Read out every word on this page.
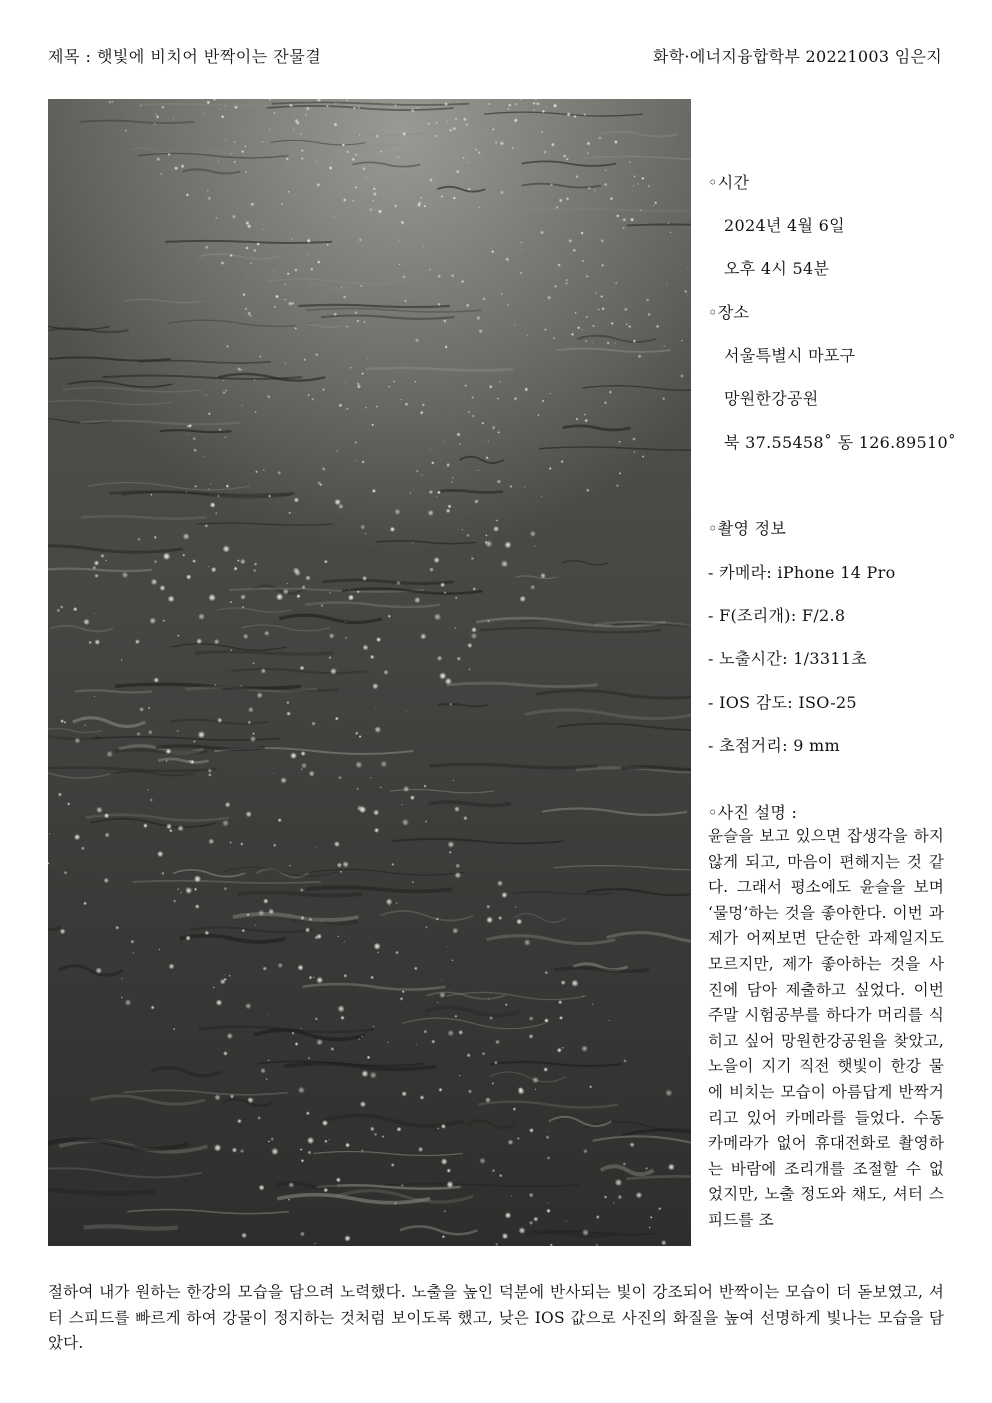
제목 : 햇빛에 비치어 반짝이는 잔물결	화학·에너지융합학부 20221003 임은지
◦시간
2024년 4월 6일
오후 4시 54분
◦장소
서울특별시 마포구
망원한강공원
북 37.55458˚ 동 126.89510˚
◦촬영 정보
- 카메라: iPhone 14 Pro
- F(조리개): F/2.8
- 노출시간: 1/3311초
- IOS 감도: ISO-25
- 초점거리: 9 mm
◦사진 설명 :
윤슬을 보고 있으면 잡생각을 하지 않게 되고, 마음이 편해지는 것 같다. 그래서 평소에도 윤슬을 보며 ‘물멍’하는 것을 좋아한다. 이번 과제가 어찌보면 단순한 과제일지도 모르지만, 제가 좋아하는 것을 사진에 담아 제출하고 싶었다. 이번 주말 시험공부를 하다가 머리를 식히고 싶어 망원한강공원을 찾았고, 노을이 지기 직전 햇빛이 한강 물에 비치는 모습이 아름답게 반짝거리고 있어 카메라를 들었다. 수동 카메라가 없어 휴대전화로 촬영하는 바람에 조리개를 조절할 수 없었지만, 노출 정도와 채도, 셔터 스피드를 조
절하여 내가 원하는 한강의 모습을 담으려 노력했다. 노출을 높인 덕분에 반사되는 빛이 강조되어 반짝이는 모습이 더 돋보였고, 셔터 스피드를 빠르게 하여 강물이 정지하는 것처럼 보이도록 했고, 낮은 IOS 값으로 사진의 화질을 높여 선명하게 빛나는 모습을 담았다.
